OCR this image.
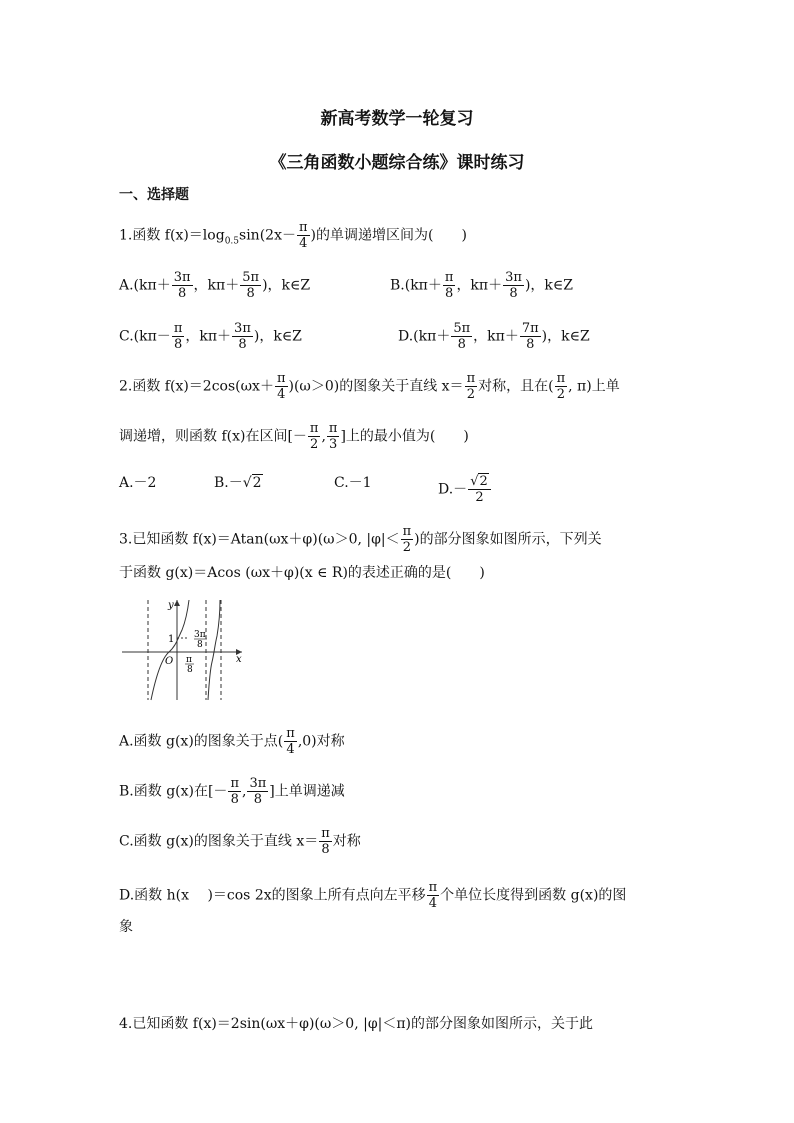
新高考数学一轮复习
《三角函数小题综合练》课时练习
一、选择题
1.函数 $f(x)=\log_{0.5}\sin(2x- \frac{\pi}{4}$ )的单调递增区间为(　　)
$A.(k\pi+ \frac{3\pi}{8}$ ，$k\pi+ \frac{5\pi}{8}$ )，k∈Z	$B.(k\pi+ \frac{\pi}{8}$ ，$k\pi+ \frac{3\pi}{8}$ )，k∈Z
$C.(k\pi- \frac{\pi}{8}$ ，$k\pi+ \frac{3\pi}{8}$ )，k∈Z	$D.(k\pi+ \frac{5\pi}{8}$ ，$k\pi+ \frac{7\pi}{8}$ )，k∈Z
2.函数 $f(x)=2\cos(\omega x+ \frac{\pi}{4} )(\omega>0)$的图象关于直线 $x= \frac{\pi}{2}$ 对称，且在( $\frac{\pi}{2}$ , π)上单
调递增，则函数 f(x)在区间[－ $\frac{\pi}{2}$ , $\frac{\pi}{3}$ ]上的最小值为(　　)
A.－2	B.－√2	C.－1	$D.- \frac{√2}{2}$
3.已知函数 f(x)＝Atan(ωx＋φ)(ω＞0, $|\varphi|< \frac{\pi}{2}$ )的部分图象如图所示，下列关
于函数 g(x)＝Acos (ωx＋φ)(x ∈ R)的表述正确的是(　　)
y
x
1
O π
8
3π
8
A.函数 g(x)的图象关于点( $\frac{\pi}{4} ,0$)对称
B.函数 g(x)在[－ $\frac{\pi}{8}$ , $\frac{3\pi}{8}$ ]上单调递减
C.函数 g(x)的图象关于直线 $x= \frac{\pi}{8}$ 对称
D.函数 h(x　 )＝cos 2x的图象上所有点向左平移 $\frac{\pi}{4}$ 个单位长度得到函数 g(x)的图
象
4.已知函数 f(x)＝2sin(ωx＋φ)(ω＞0, |φ|＜π)的部分图象如图所示，关于此
